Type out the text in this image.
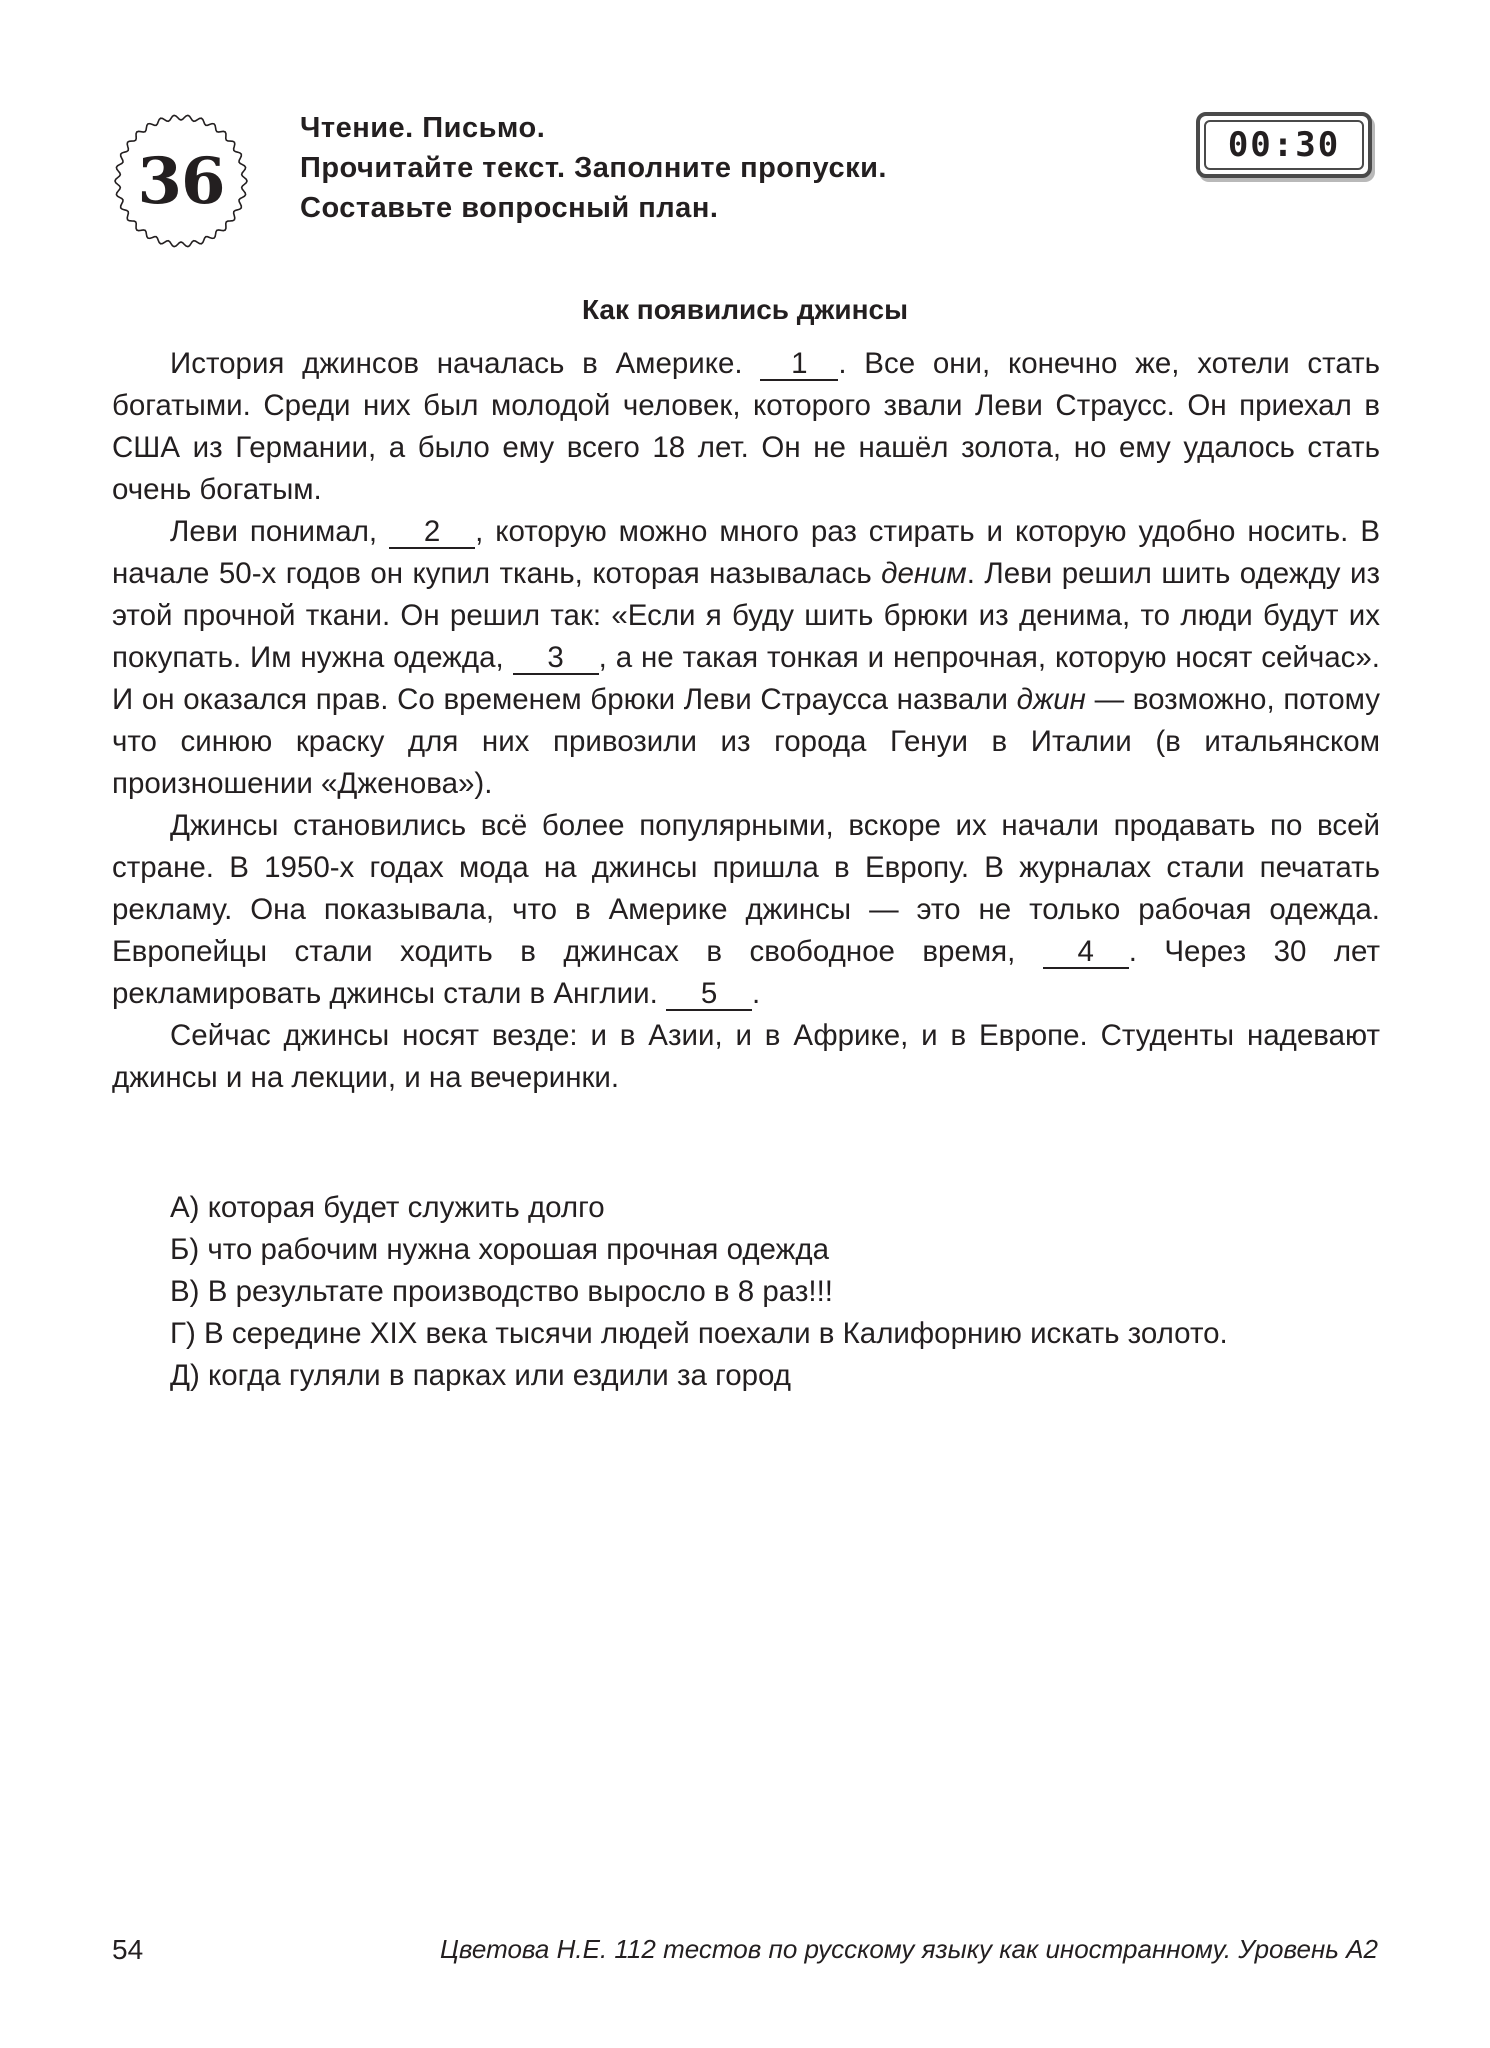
36
Чтение. Письмо.
Прочитайте текст. Заполните пропуски.
Составьте вопросный план.
00:30
Как появились джинсы

История джинсов началась в Америке. 1 . Все они, конечно же, хотели стать богатыми. Среди них был молодой человек, которого звали Леви Страусс. Он приехал в США из Германии, а было ему всего 18 лет. Он не нашёл золота, но ему удалось стать очень богатым.

Леви понимал, 2 , которую можно много раз стирать и которую удобно носить. В начале 50-х годов он купил ткань, которая называлась деним. Леви решил шить одежду из этой прочной ткани. Он решил так: «Если я буду шить брюки из денима, то люди будут их покупать. Им нужна одежда, 3 , а не такая тонкая и непрочная, которую носят сейчас». И он оказался прав. Со временем брюки Леви Страусса назвали джин — возможно, потому что синюю краску для них привозили из города Генуи в Италии (в итальянском произношении «Дженова»).

Джинсы становились всё более популярными, вскоре их начали продавать по всей стране. В 1950-х годах мода на джинсы пришла в Европу. В журналах стали печатать рекламу. Она показывала, что в Америке джинсы — это не только рабочая одежда. Европейцы стали ходить в джинсах в свободное время, 4 . Через 30 лет рекламировать джинсы стали в Англии. 5 .

Сейчас джинсы носят везде: и в Азии, и в Африке, и в Европе. Студенты надевают джинсы и на лекции, и на вечеринки.

А) которая будет служить долго
Б) что рабочим нужна хорошая прочная одежда
В) В результате производство выросло в 8 раз!!!
Г) В середине XIX века тысячи людей поехали в Калифорнию искать золото.
Д) когда гуляли в парках или ездили за город
54	Цветова Н.Е. 112 тестов по русскому языку как иностранному. Уровень А2
